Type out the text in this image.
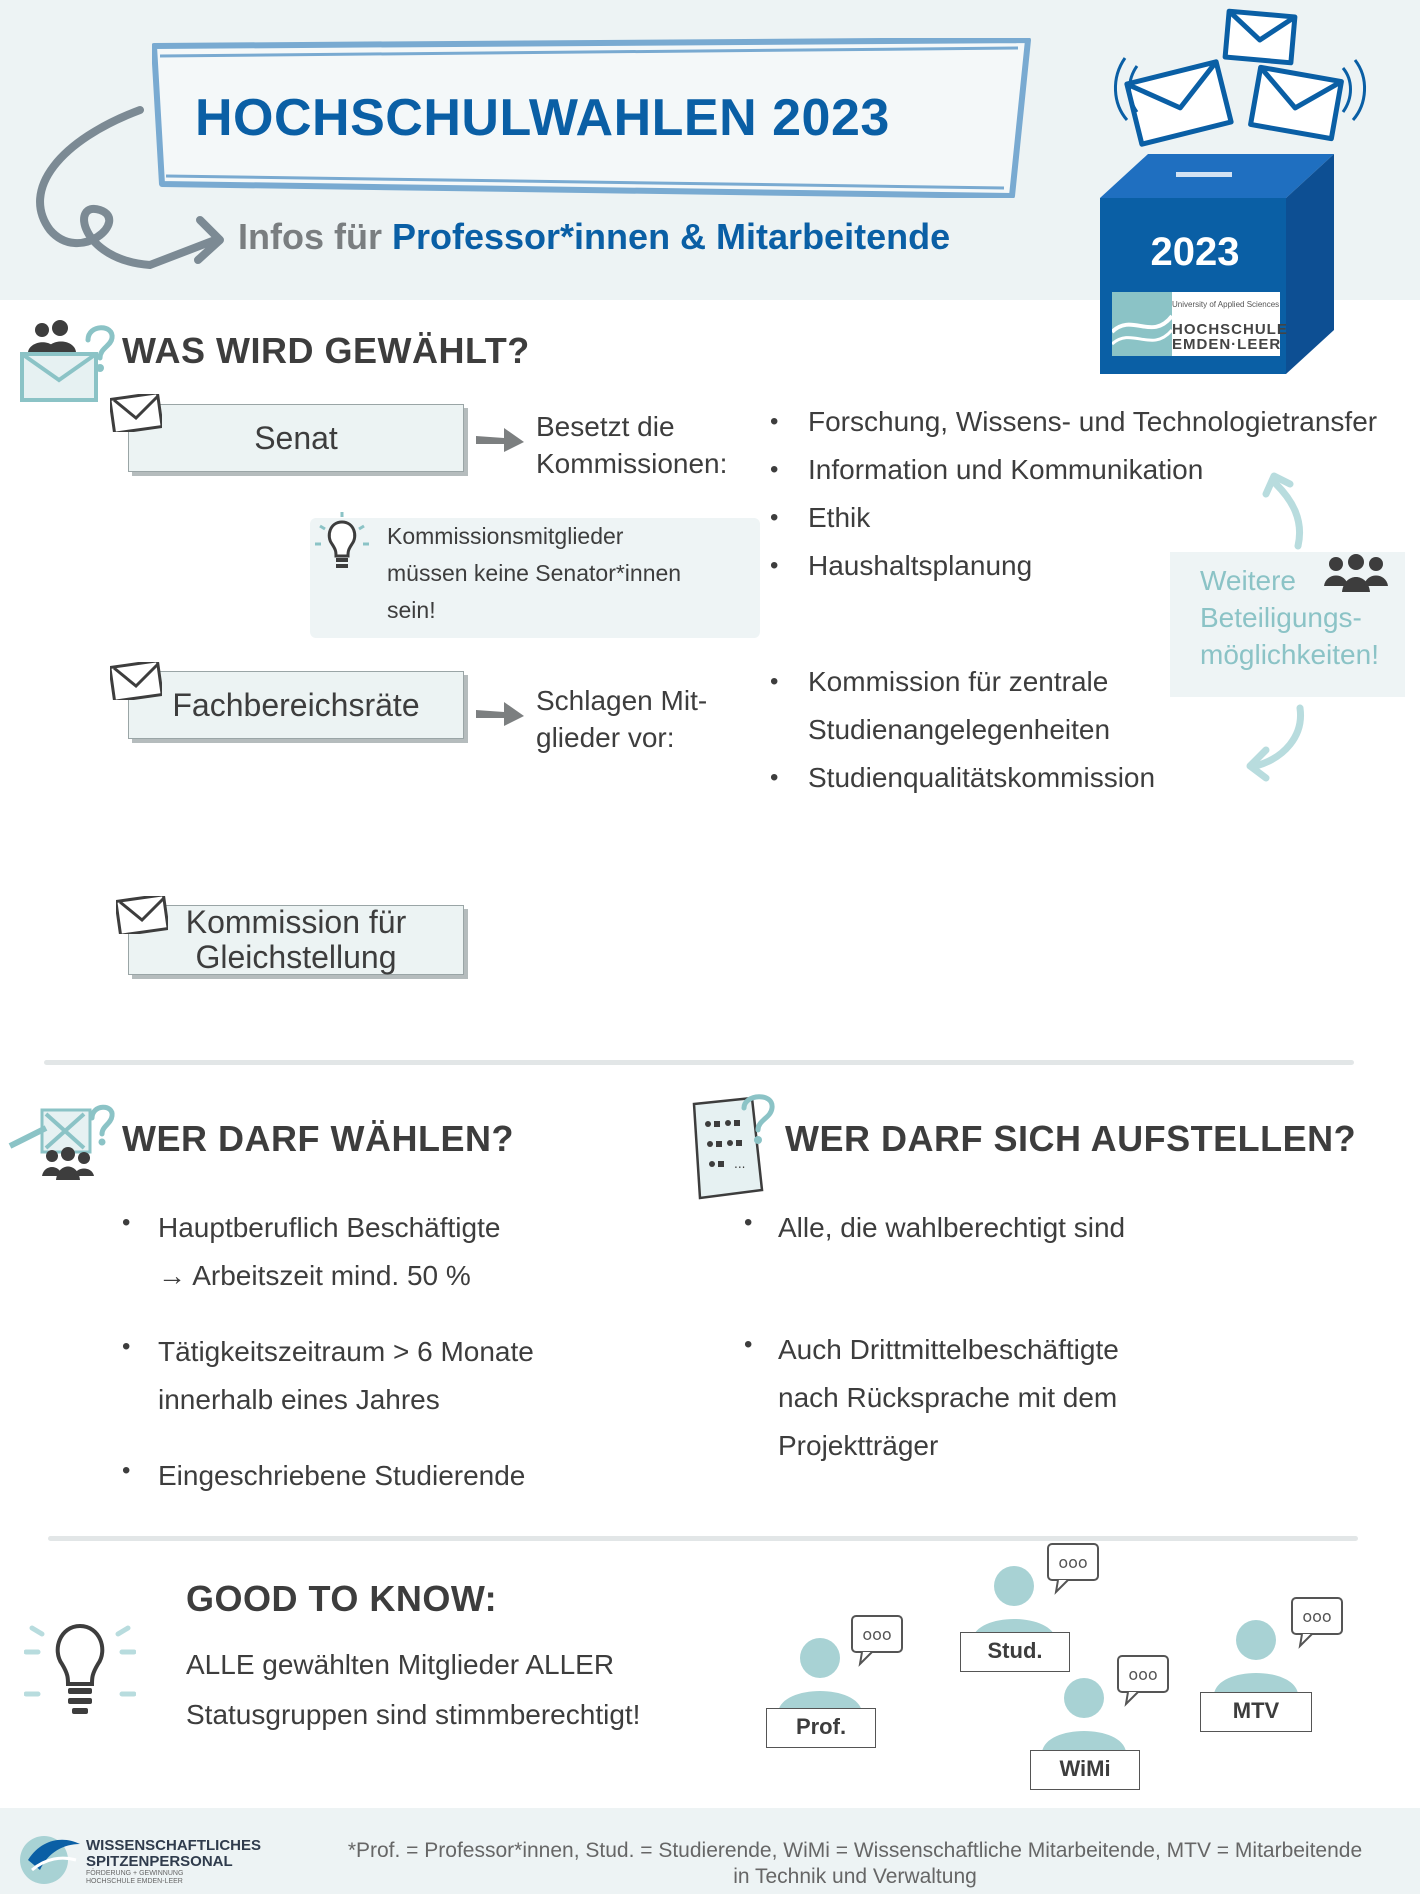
HOCHSCHULWAHLEN 2023
Infos für Professor*innen & Mitarbeitende	2023
University of Applied Sciences
HOCHSCHULE
EMDEN·LEER
WAS WIRD GEWÄHLT?
Senat	Besetzt die
Kommissionen:
• Forschung, Wissens- und Technologietransfer
• Information und Kommunikation
• Ethik
• Haushaltsplanung
Kommissionsmitglieder
müssen keine Senator*innen
sein!
Fachbereichsräte	Schlagen Mit-
glieder vor:
• Kommission für zentrale
Studienangelegenheiten
• Studienqualitätskommission
Weitere
Beteiligungs-
möglichkeiten!
Kommission für
Gleichstellung
WER DARF WÄHLEN?
• Hauptberuflich Beschäftigte
→ Arbeitszeit mind. 50 %
• Tätigkeitszeitraum > 6 Monate
innerhalb eines Jahres
• Eingeschriebene Studierende
...
WER DARF SICH AUFSTELLEN?
• Alle, die wahlberechtigt sind
• Auch Drittmittelbeschäftigte
nach Rücksprache mit dem
Projektträger
GOOD TO KNOW:
ALLE gewählten Mitglieder ALLER
Statusgruppen sind stimmberechtigt!
ooo
Prof.
ooo
Stud.
ooo
WiMi
ooo
MTV
WISSENSCHAFTLICHES
SPITZENPERSONAL
FÖRDERUNG + GEWINNUNG
HOCHSCHULE EMDEN-LEER
*Prof. = Professor*innen, Stud. = Studierende, WiMi = Wissenschaftliche Mitarbeitende, MTV = Mitarbeitende
in Technik und Verwaltung
